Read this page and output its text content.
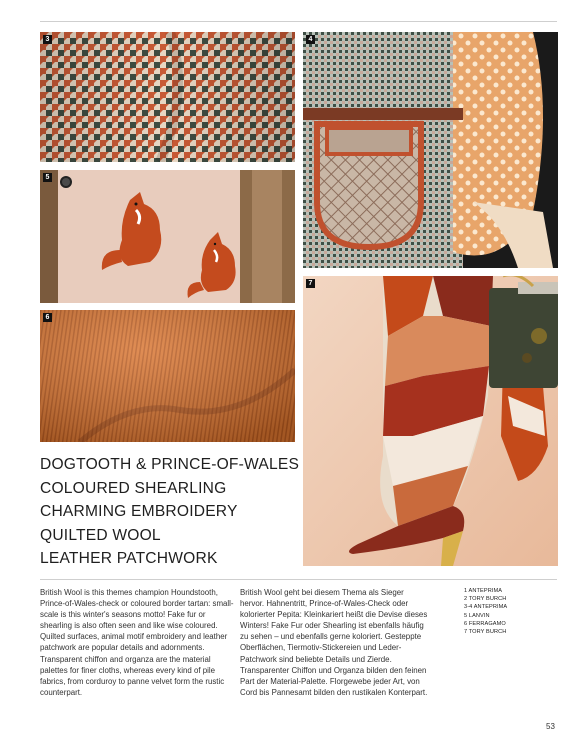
3	4
5
6
7
DOGTOOTH & PRINCE-OF-WALES
COLOURED SHEARLING
CHARMING EMBROIDERY
QUILTED WOOL
LEATHER PATCHWORK
British Wool is this themes champion Houndstooth, Prince-of-Wales-check or coloured border tartan: small-scale is this winter's seasons motto! Fake fur or shearling is also often seen and like wise coloured. Quilted surfaces, animal motif embroidery and leather patchwork are popular details and adornments. Transparent chiffon and organza are the material palettes for finer cloths, whereas every kind of pile fabrics, from corduroy to panne velvet form the rustic counterpart.
British Wool geht bei diesem Thema als Sieger hervor. Hahnentritt, Prince-of-Wales-Check oder kolorierter Pepita: Kleinkariert heißt die Devise dieses Winters! Fake Fur oder Shearling ist ebenfalls häufig zu sehen – und ebenfalls gerne koloriert. Gesteppte Oberflächen, Tiermotiv-Stickereien und Leder-Patchwork sind beliebte Details und Zierde. Transparenter Chiffon und Organza bilden den feinen Part der Material-Palette. Florgewebe jeder Art, von Cord bis Pannesamt bilden den rustikalen Konterpart.
1 ANTEPRIMA
2 TORY BURCH
3-4 ANTEPRIMA
5 LANVIN
6 FERRAGAMO
7 TORY BURCH
53
